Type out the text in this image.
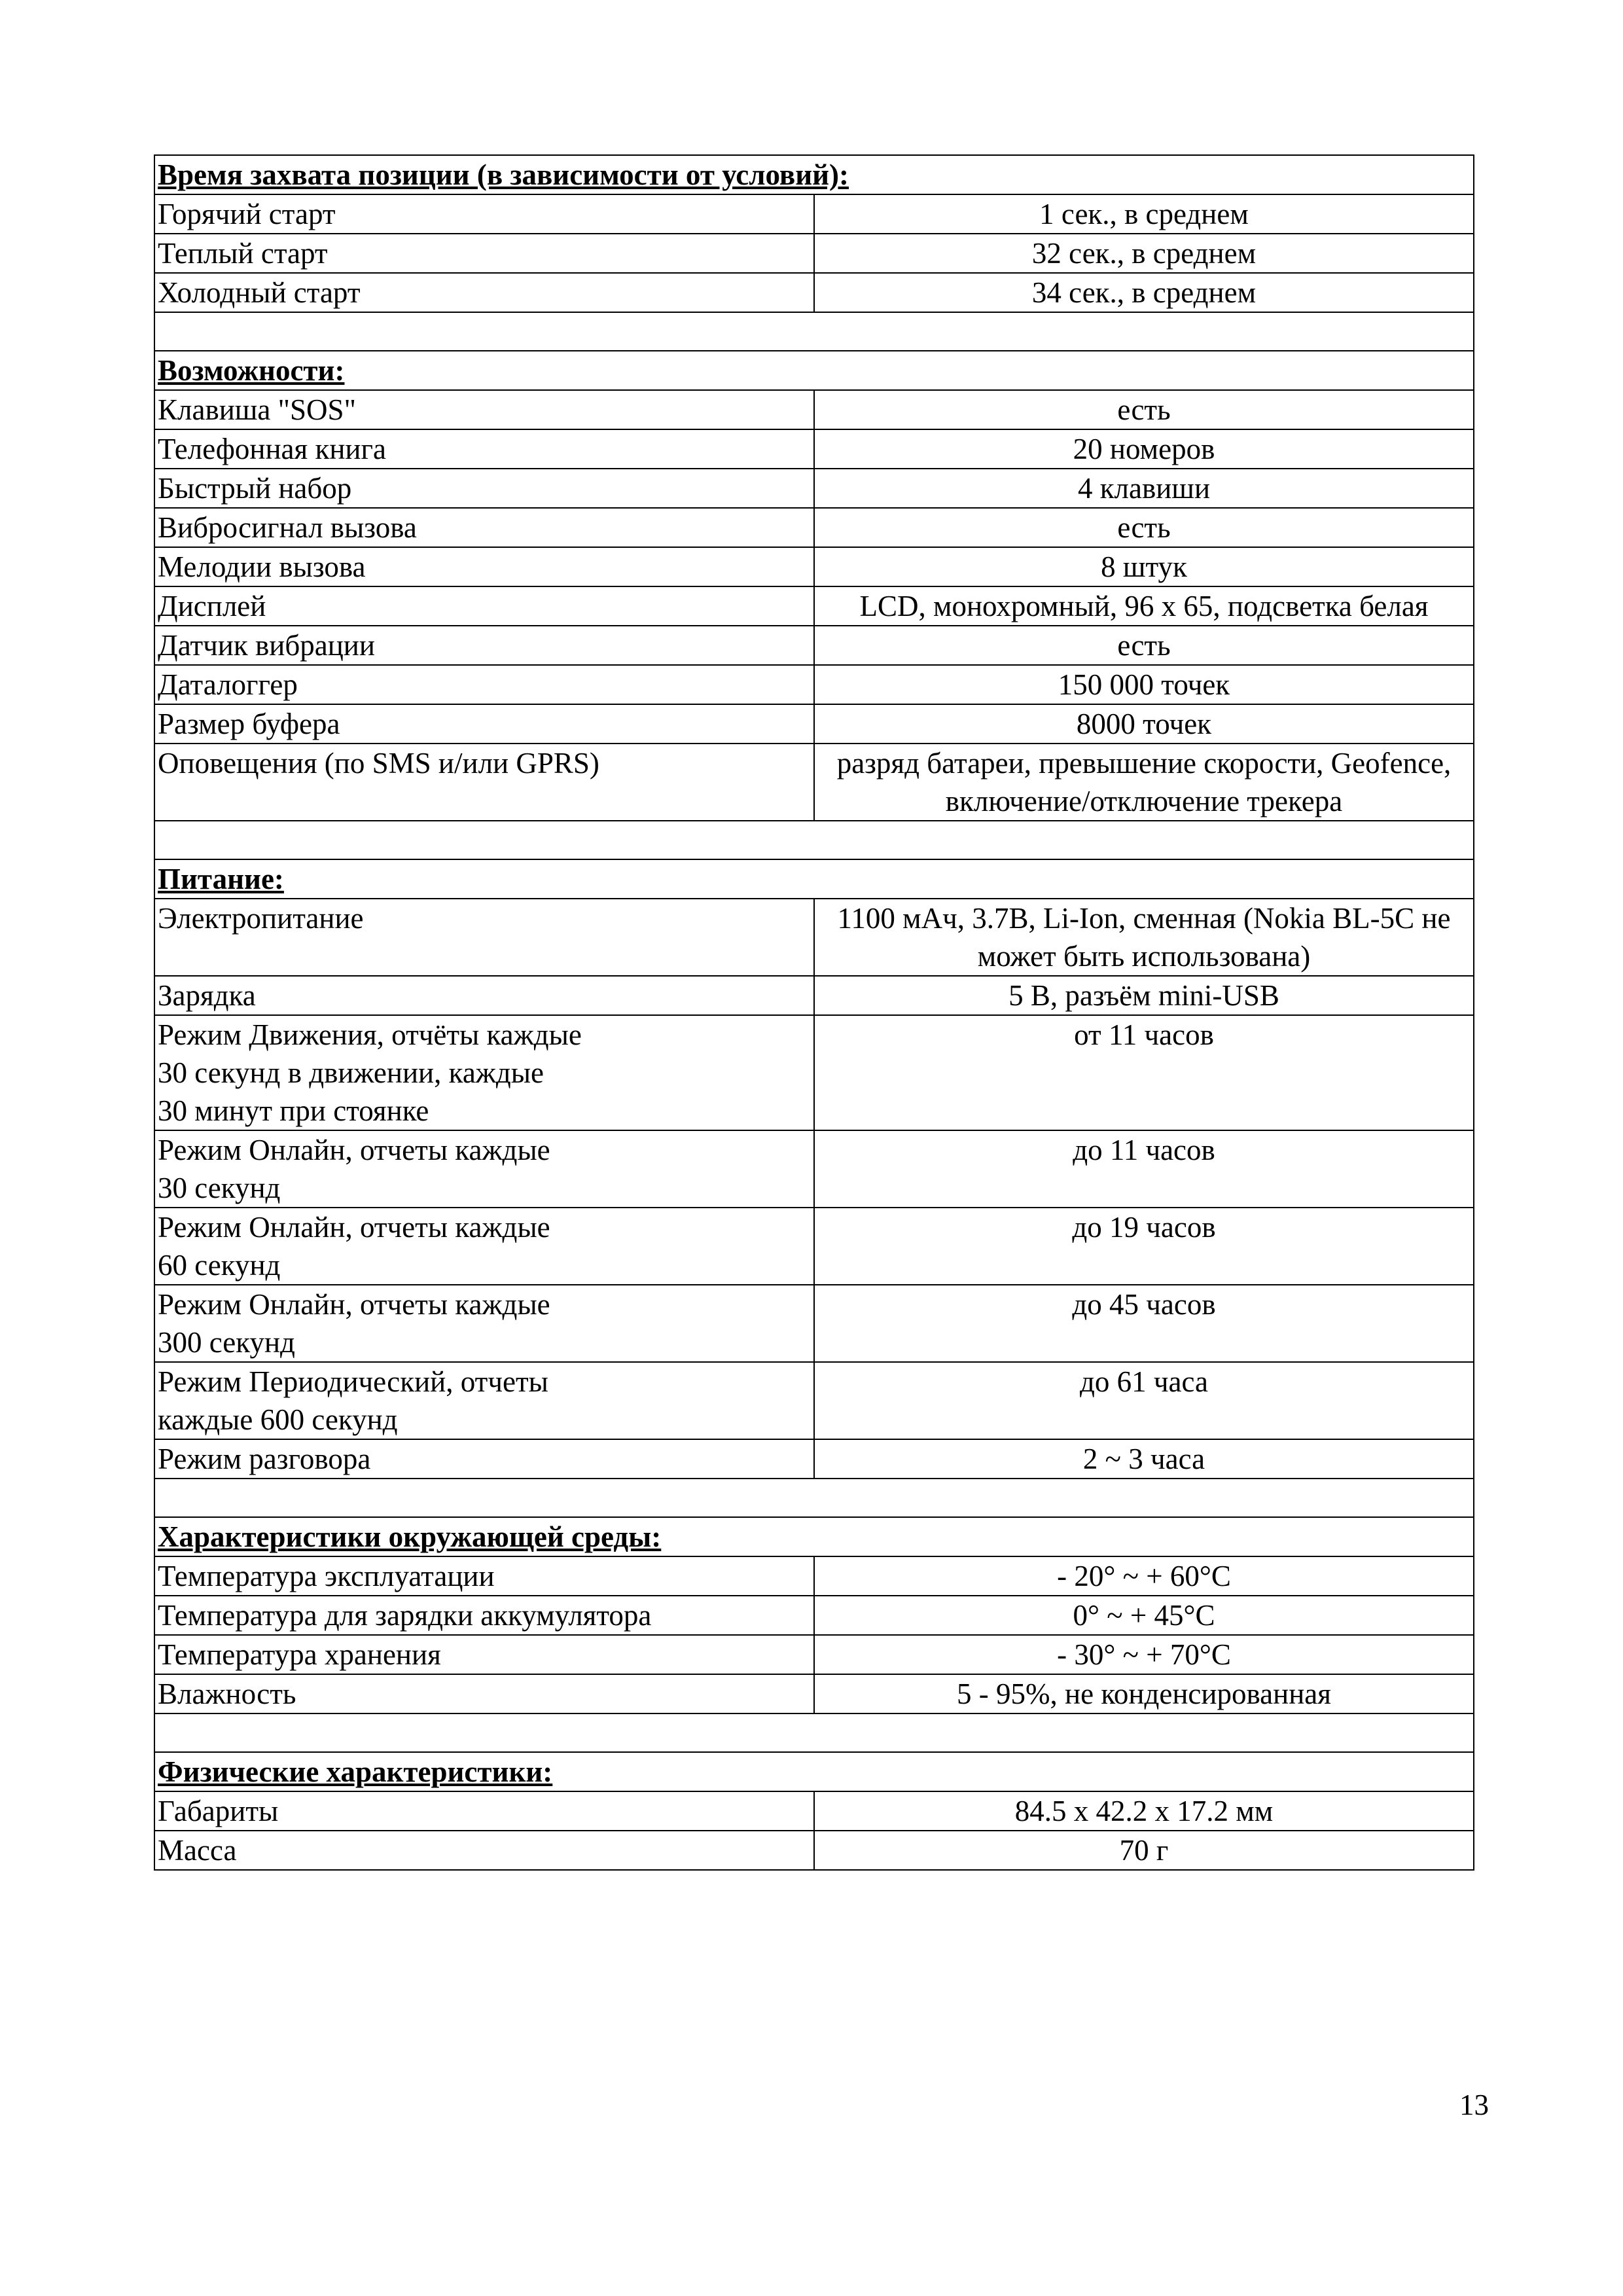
Время захвата позиции (в зависимости от условий):	
Горячий старт	1 сек., в среднем
Теплый старт	32 сек., в среднем
Холодный старт	34 сек., в среднем

Возможности:	
Клавиша "SOS"	есть
Телефонная книга	20 номеров
Быстрый набор	4 клавиши
Вибросигнал вызова	есть
Мелодии вызова	8 штук
Дисплей	LCD, монохромный, 96 x 65, подсветка белая
Датчик вибрации	есть
Даталоггер	150 000 точек
Размер буфера	8000 точек
Оповещения (по SMS и/или GPRS)	разряд батареи, превышение скорости, Geofence,
включение/отключение трекера

Питание:	
Электропитание	1100 мАч, 3.7В, Li-Ion, сменная (Nokia BL-5C не
может быть использована)
Зарядка	5 В, разъём mini-USB
Режим Движения, отчёты каждые
30 секунд в движении, каждые
30 минут при стоянке	от 11 часов
Режим Онлайн, отчеты каждые
30 секунд	до 11 часов
Режим Онлайн, отчеты каждые
60 секунд	до 19 часов
Режим Онлайн, отчеты каждые
300 секунд	до 45 часов
Режим Периодический, отчеты
каждые 600 секунд	до 61 часа
Режим разговора	2 ~ 3 часа

Характеристики окружающей среды:	
Температура эксплуатации	- 20° ~ + 60°C
Температура для зарядки аккумулятора	0° ~ + 45°C
Температура хранения	- 30° ~ + 70°C
Влажность	5 - 95%, не конденсированная

Физические характеристики:	
Габариты	84.5 x 42.2 x 17.2 мм
Масса	70 г
13
